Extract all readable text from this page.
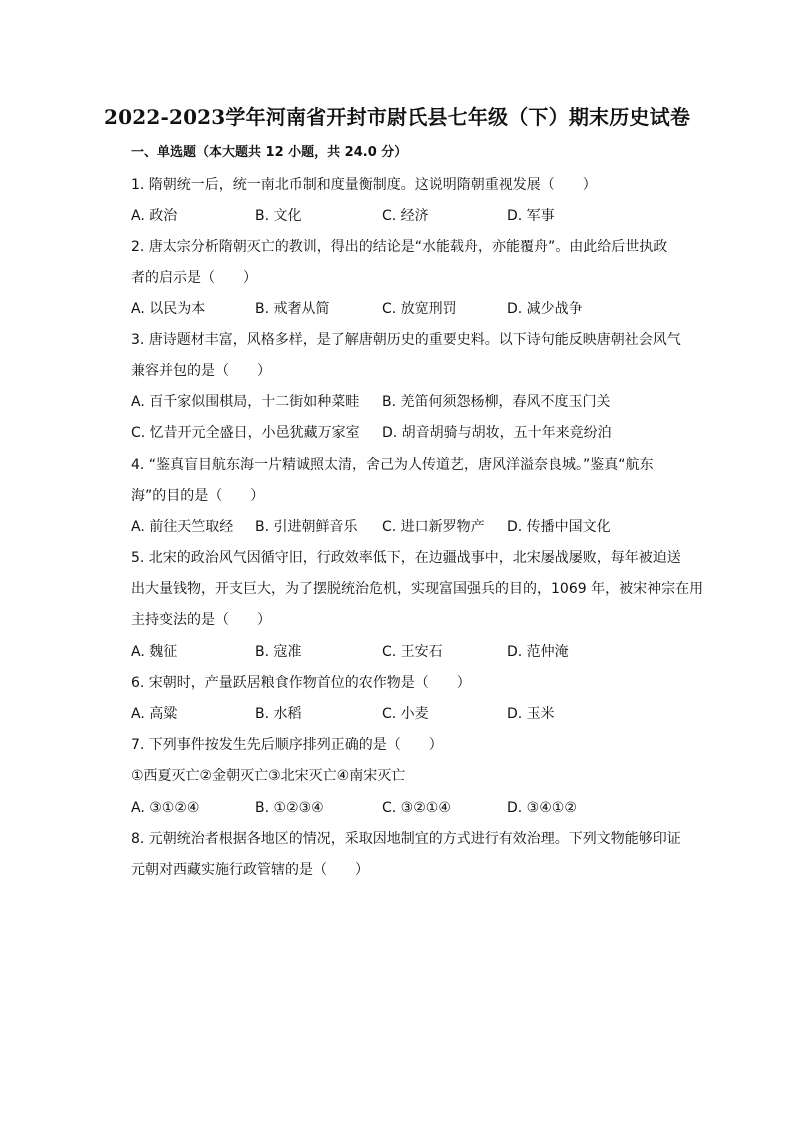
2022-2023学年河南省开封市尉氏县七年级（下）期末历史试卷
一、单选题（本大题共 12 小题，共 24.0 分）
1. 隋朝统一后，统一南北币制和度量衡制度。这说明隋朝重视发展（　　）
A. 政治	B. 文化	C. 经济	D. 军事
2. 唐太宗分析隋朝灭亡的教训，得出的结论是“水能载舟，亦能覆舟”。由此给后世执政
者的启示是（　　）
A. 以民为本	B. 戒奢从简	C. 放宽刑罚	D. 减少战争
3. 唐诗题材丰富，风格多样，是了解唐朝历史的重要史料。以下诗句能反映唐朝社会风气
兼容并包的是（　　）
A. 百千家似围棋局，十二街如种菜畦 B. 羌笛何须怨杨柳，春风不度玉门关
C. 忆昔开元全盛日，小邑犹藏万家室 D. 胡音胡骑与胡妆，五十年来竞纷泊
4. “鉴真盲目航东海一片精诚照太清，舍己为人传道艺，唐风洋溢奈良城。”鉴真“航东
海”的目的是（　　）
A. 前往天竺取经 B. 引进朝鲜音乐 C. 进口新罗物产 D. 传播中国文化
5. 北宋的政治风气因循守旧，行政效率低下，在边疆战事中，北宋屡战屡败，每年被迫送
出大量钱物，开支巨大，为了摆脱统治危机，实现富国强兵的目的，1069 年，被宋神宗在用
主持变法的是（　　）
A. 魏征	B. 寇准	C. 王安石	D. 范仲淹
6. 宋朝时，产量跃居粮食作物首位的农作物是（　　）
A. 高粱	B. 水稻	C. 小麦	D. 玉米
7. 下列事件按发生先后顺序排列正确的是（　　）
①西夏灭亡②金朝灭亡③北宋灭亡④南宋灭亡
A. ③①②④	B. ①②③④	C. ③②①④	D. ③④①②
8. 元朝统治者根据各地区的情况，采取因地制宜的方式进行有效治理。下列文物能够印证
元朝对西藏实施行政管辖的是（　　）
